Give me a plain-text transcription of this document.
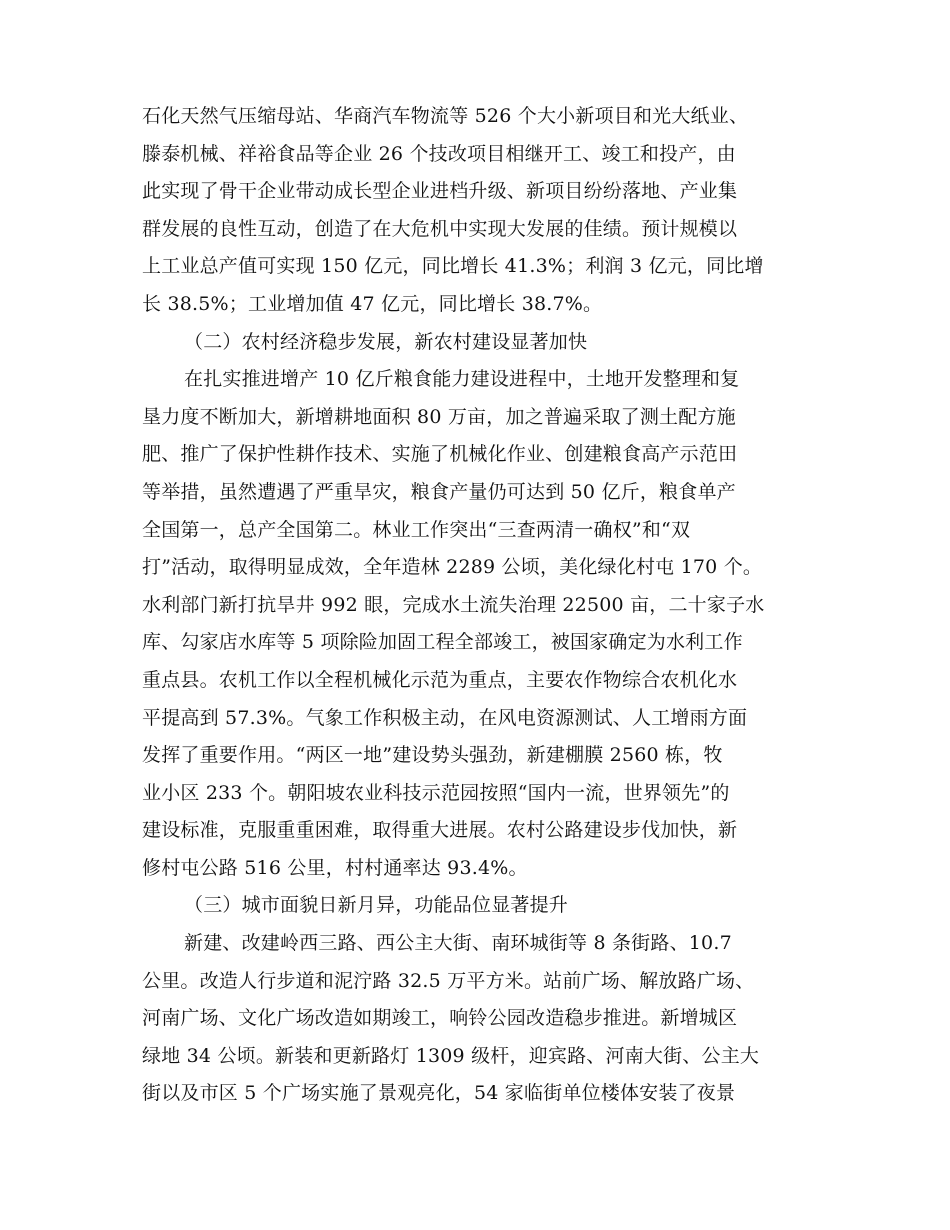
石化天然气压缩母站、华商汽车物流等 526 个大小新项目和光大纸业、
滕泰机械、祥裕食品等企业 26 个技改项目相继开工、竣工和投产，由
此实现了骨干企业带动成长型企业进档升级、新项目纷纷落地、产业集
群发展的良性互动，创造了在大危机中实现大发展的佳绩。预计规模以
上工业总产值可实现 150 亿元，同比增长 41.3%；利润 3 亿元，同比增
长 38.5%；工业增加值 47 亿元，同比增长 38.7%。
（二）农村经济稳步发展，新农村建设显著加快
在扎实推进增产 10 亿斤粮食能力建设进程中，土地开发整理和复
垦力度不断加大，新增耕地面积 80 万亩，加之普遍采取了测土配方施
肥、推广了保护性耕作技术、实施了机械化作业、创建粮食高产示范田
等举措，虽然遭遇了严重旱灾，粮食产量仍可达到 50 亿斤，粮食单产
全国第一，总产全国第二。林业工作突出“三查两清一确权”和“双
打”活动，取得明显成效，全年造林 2289 公顷，美化绿化村屯 170 个。
水利部门新打抗旱井 992 眼，完成水土流失治理 22500 亩，二十家子水
库、勾家店水库等 5 项除险加固工程全部竣工，被国家确定为水利工作
重点县。农机工作以全程机械化示范为重点，主要农作物综合农机化水
平提高到 57.3%。气象工作积极主动，在风电资源测试、人工增雨方面
发挥了重要作用。“两区一地”建设势头强劲，新建棚膜 2560 栋，牧
业小区 233 个。朝阳坡农业科技示范园按照“国内一流，世界领先”的
建设标准，克服重重困难，取得重大进展。农村公路建设步伐加快，新
修村屯公路 516 公里，村村通率达 93.4%。
（三）城市面貌日新月异，功能品位显著提升
新建、改建岭西三路、西公主大街、南环城街等 8 条街路、10.7
公里。改造人行步道和泥泞路 32.5 万平方米。站前广场、解放路广场、
河南广场、文化广场改造如期竣工，响铃公园改造稳步推进。新增城区
绿地 34 公顷。新装和更新路灯 1309 级杆，迎宾路、河南大街、公主大
街以及市区 5 个广场实施了景观亮化，54 家临街单位楼体安装了夜景
